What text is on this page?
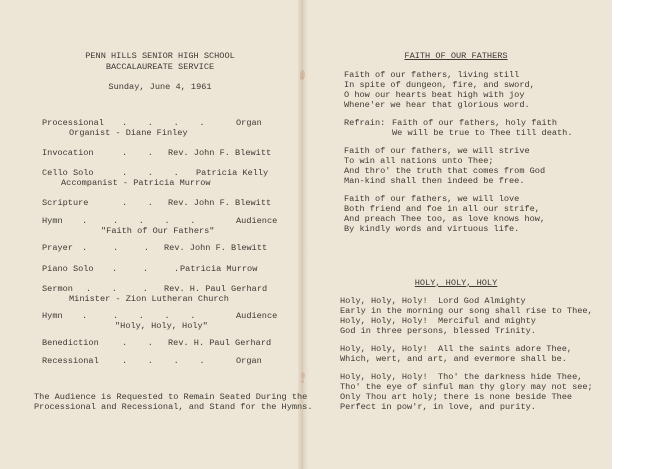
PENN HILLS SENIOR HIGH SCHOOL
BACCALAUREATE SERVICE
Sunday, June 4, 1961
Processional .    .    .    .	Organ
Organist - Diane Finley
Invocation	.    . Rev. John F. Blewitt
Cello Solo	.    .    . Patricia Kelly
Accompanist - Patricia Murrow
Scripture	.    . Rev. John F. Blewitt
Hymn .     .    .    .    .	Audience
"Faith of Our Fathers"
Prayer .     .     . Rev. John F. Blewitt
Piano Solo .     .     . Patricia Murrow
Sermon .    .     . Rev. H. Paul Gerhard
Minister - Zion Lutheran Church
Hymn .     .    .    .    .	Audience
"Holy, Holy, Holy"
Benediction	.    . Rev. H. Paul Gerhard
Recessional	.    .    .    .	Organ
The Audience is Requested to Remain Seated During the
Processional and Recessional, and Stand for the Hymns.
FAITH OF OUR FATHERS
Faith of our fathers, living still
In spite of dungeon, fire, and sword,
O how our hearts beat high with joy
Whene'er we hear that glorious word.
Refrain: Faith of our fathers, holy faith
We will be true to Thee till death.
Faith of our fathers, we will strive
To win all nations unto Thee;
And thro' the truth that comes from God
Man-kind shall then indeed be free.
Faith of our fathers, we will love
Both friend and foe in all our strife,
And preach Thee too, as love knows how,
By kindly words and virtuous life.
HOLY, HOLY, HOLY
Holy, Holy, Holy!  Lord God Almighty
Early in the morning our song shall rise to Thee,
Holy, Holy, Holy!  Merciful and mighty
God in three persons, blessed Trinity.
Holy, Holy, Holy!  All the saints adore Thee,
Which, wert, and art, and evermore shall be.
Holy, Holy, Holy!  Tho' the darkness hide Thee,
Tho' the eye of sinful man thy glory may not see;
Only Thou art holy; there is none beside Thee
Perfect in pow'r, in love, and purity.
